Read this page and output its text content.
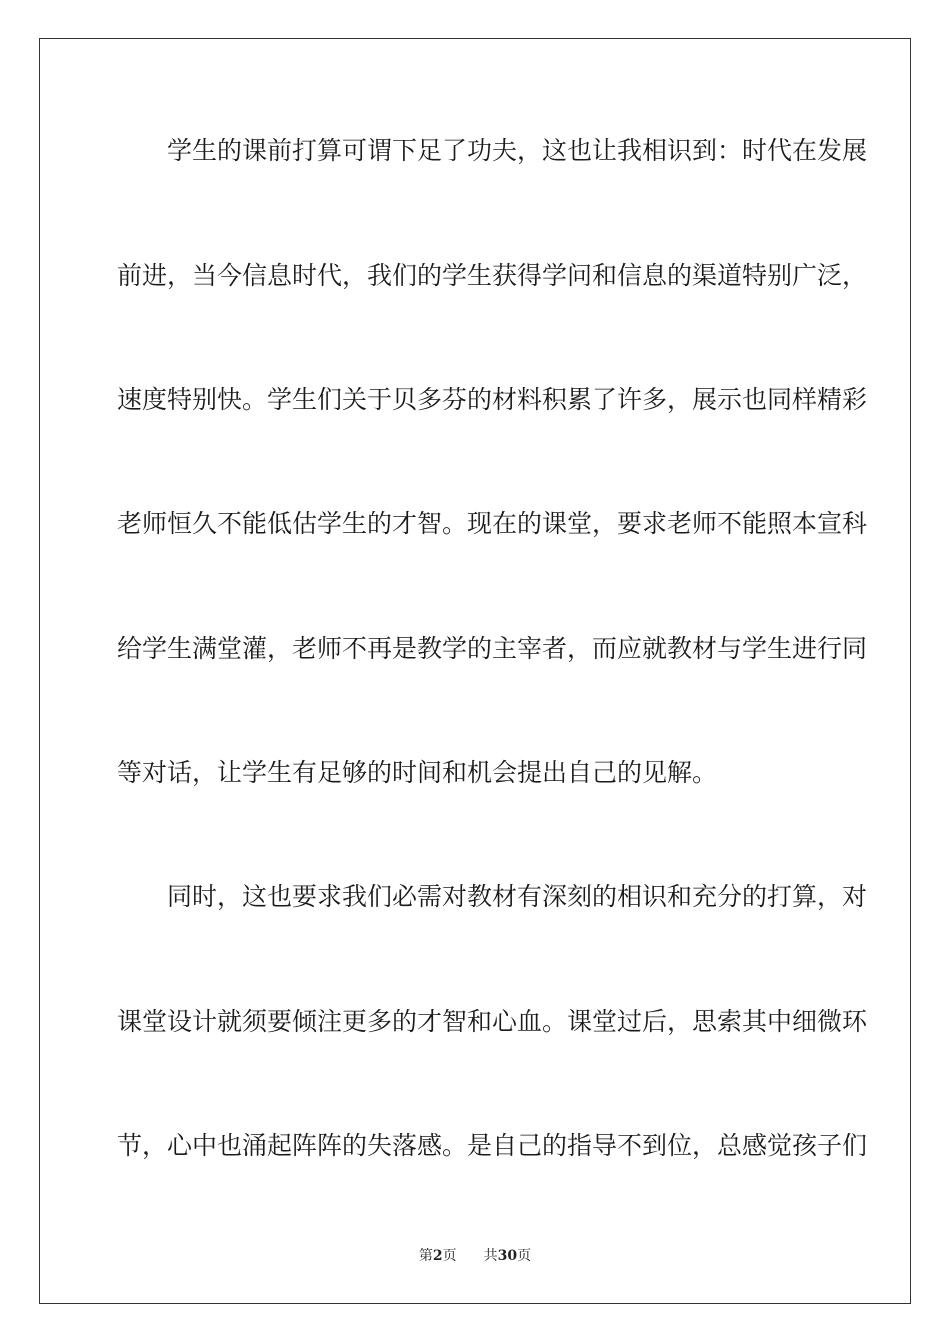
学生的课前打算可谓下足了功夫，这也让我相识到：时代在发展
前进，当今信息时代，我们的学生获得学问和信息的渠道特别广泛，
速度特别快。学生们关于贝多芬的材料积累了许多，展示也同样精彩
老师恒久不能低估学生的才智。现在的课堂，要求老师不能照本宣科
给学生满堂灌，老师不再是教学的主宰者，而应就教材与学生进行同
等对话，让学生有足够的时间和机会提出自己的见解。
同时，这也要求我们必需对教材有深刻的相识和充分的打算，对
课堂设计就须要倾注更多的才智和心血。课堂过后，思索其中细微环
节，心中也涌起阵阵的失落感。是自己的指导不到位，总感觉孩子们
第2页 共30页
